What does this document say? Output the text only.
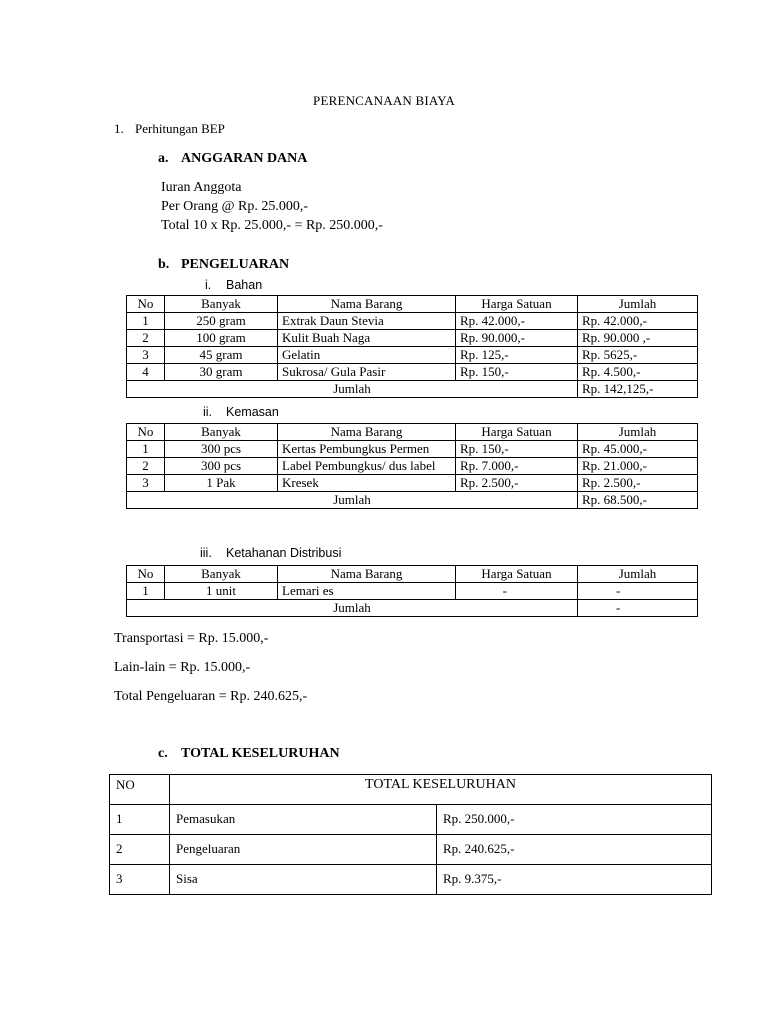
PERENCANAAN BIAYA
1. Perhitungan BEP
a. ANGGARAN DANA
Iuran Anggota
Per Orang @ Rp. 25.000,-
Total 10 x Rp. 25.000,- = Rp. 250.000,-
b. PENGELUARAN
i. Bahan
No	Banyak	Nama Barang	Harga Satuan	Jumlah
1	250 gram	Extrak Daun Stevia	Rp. 42.000,-	Rp. 42.000,-
2	100 gram	Kulit Buah Naga	Rp. 90.000,-	Rp. 90.000 ,-
3	45 gram	Gelatin	Rp. 125,-	Rp. 5625,-
4	30 gram	Sukrosa/ Gula Pasir	Rp. 150,-	Rp. 4.500,-
Jumlah				Rp. 142,125,-
ii. Kemasan
No	Banyak	Nama Barang	Harga Satuan	Jumlah
1	300 pcs	Kertas Pembungkus Permen	Rp. 150,-	Rp. 45.000,-
2	300 pcs	Label Pembungkus/ dus label	Rp. 7.000,-	Rp. 21.000,-
3	1 Pak	Kresek	Rp. 2.500,-	Rp. 2.500,-
Jumlah				Rp. 68.500,-
iii. Ketahanan Distribusi
No	Banyak	Nama Barang	Harga Satuan	Jumlah
1	1 unit	Lemari es	-	-
Jumlah				-
Transportasi = Rp. 15.000,-
Lain-lain = Rp. 15.000,-
Total Pengeluaran = Rp. 240.625,-
c. TOTAL KESELURUHAN
NO	TOTAL KESELURUHAN	
1	Pemasukan	Rp. 250.000,-
2	Pengeluaran	Rp. 240.625,-
3	Sisa	Rp. 9.375,-
